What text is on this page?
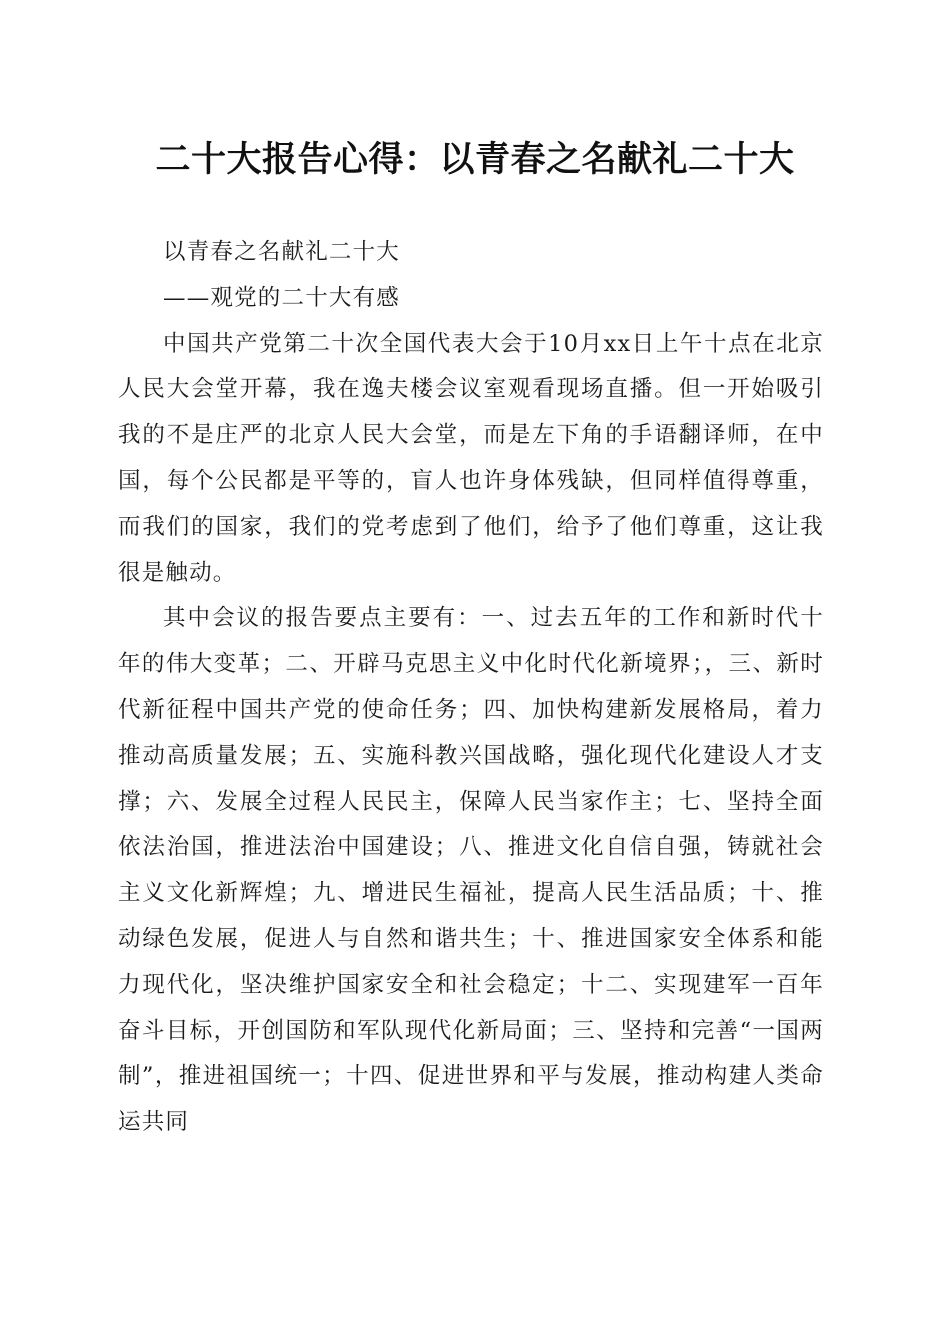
二十大报告心得：以青春之名献礼二十大

以青春之名献礼二十大

——观党的二十大有感

中国共产党第二十次全国代表大会于10月xx日上午十点在北京人民大会堂开幕，我在逸夫楼会议室观看现场直播。但一开始吸引我的不是庄严的北京人民大会堂，而是左下角的手语翻译师，在中国，每个公民都是平等的，盲人也许身体残缺，但同样值得尊重，而我们的国家，我们的党考虑到了他们，给予了他们尊重，这让我很是触动。

其中会议的报告要点主要有：一、过去五年的工作和新时代十年的伟大变革；二、开辟马克思主义中化时代化新境界；，三、新时代新征程中国共产党的使命任务；四、加快构建新发展格局，着力推动高质量发展；五、实施科教兴国战略，强化现代化建设人才支撑；六、发展全过程人民民主，保障人民当家作主；七、坚持全面依法治国，推进法治中国建设；八、推进文化自信自强，铸就社会主义文化新辉煌；九、增进民生福祉，提高人民生活品质；十、推动绿色发展，促进人与自然和谐共生；十、推进国家安全体系和能力现代化，坚决维护国家安全和社会稳定；十二、实现建军一百年奋斗目标，开创国防和军队现代化新局面；三、坚持和完善“一国两制”，推进祖国统一；十四、促进世界和平与发展，推动构建人类命运共同
